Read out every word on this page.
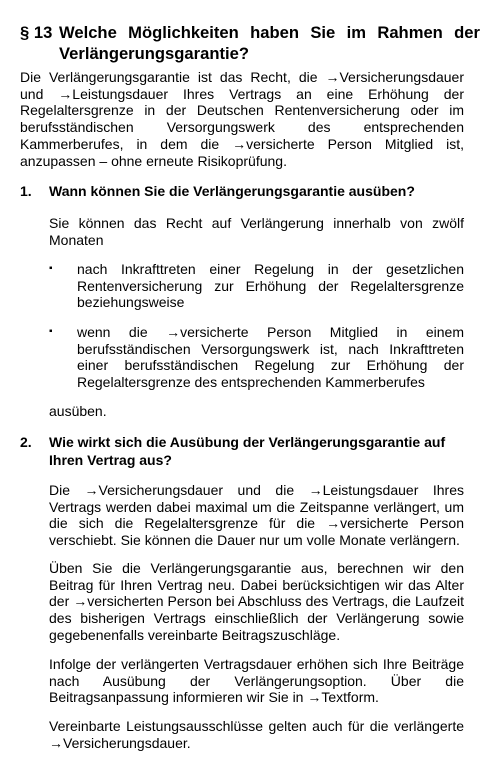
§ 13 Welche Möglichkeiten haben Sie im Rahmen der Verlängerungsgarantie?

Die Verlängerungsgarantie ist das Recht, die →Versicherungsdauer und →Leistungsdauer Ihres Vertrags an eine Erhöhung der Regelaltersgrenze in der Deutschen Rentenversicherung oder im berufsständischen Versorgungswerk des entsprechenden Kammerberufes, in dem die →versicherte Person Mitglied ist, anzupassen – ohne erneute Risikoprüfung.

1. Wann können Sie die Verlängerungsgarantie ausüben?

Sie können das Recht auf Verlängerung innerhalb von zwölf Monaten

▪ nach Inkrafttreten einer Regelung in der gesetzlichen Rentenversicherung zur Erhöhung der Regelaltersgrenze beziehungsweise

▪ wenn die →versicherte Person Mitglied in einem berufsständischen Versorgungswerk ist, nach Inkrafttreten einer berufsständischen Regelung zur Erhöhung der Regelaltersgrenze des entsprechenden Kammerberufes

ausüben.

2. Wie wirkt sich die Ausübung der Verlängerungsgarantie auf Ihren Vertrag aus?

Die →Versicherungsdauer und die →Leistungsdauer Ihres Vertrags werden dabei maximal um die Zeitspanne verlängert, um die sich die Regelaltersgrenze für die →versicherte Person verschiebt. Sie können die Dauer nur um volle Monate verlängern.

Üben Sie die Verlängerungsgarantie aus, berechnen wir den Beitrag für Ihren Vertrag neu. Dabei berücksichtigen wir das Alter der →versicherten Person bei Abschluss des Vertrags, die Laufzeit des bisherigen Vertrags einschließlich der Verlängerung sowie gegebenenfalls vereinbarte Beitragszuschläge.

Infolge der verlängerten Vertragsdauer erhöhen sich Ihre Beiträge nach Ausübung der Verlängerungsoption. Über die Beitragsanpassung informieren wir Sie in →Textform.

Vereinbarte Leistungsausschlüsse gelten auch für die verlängerte →Versicherungsdauer.
